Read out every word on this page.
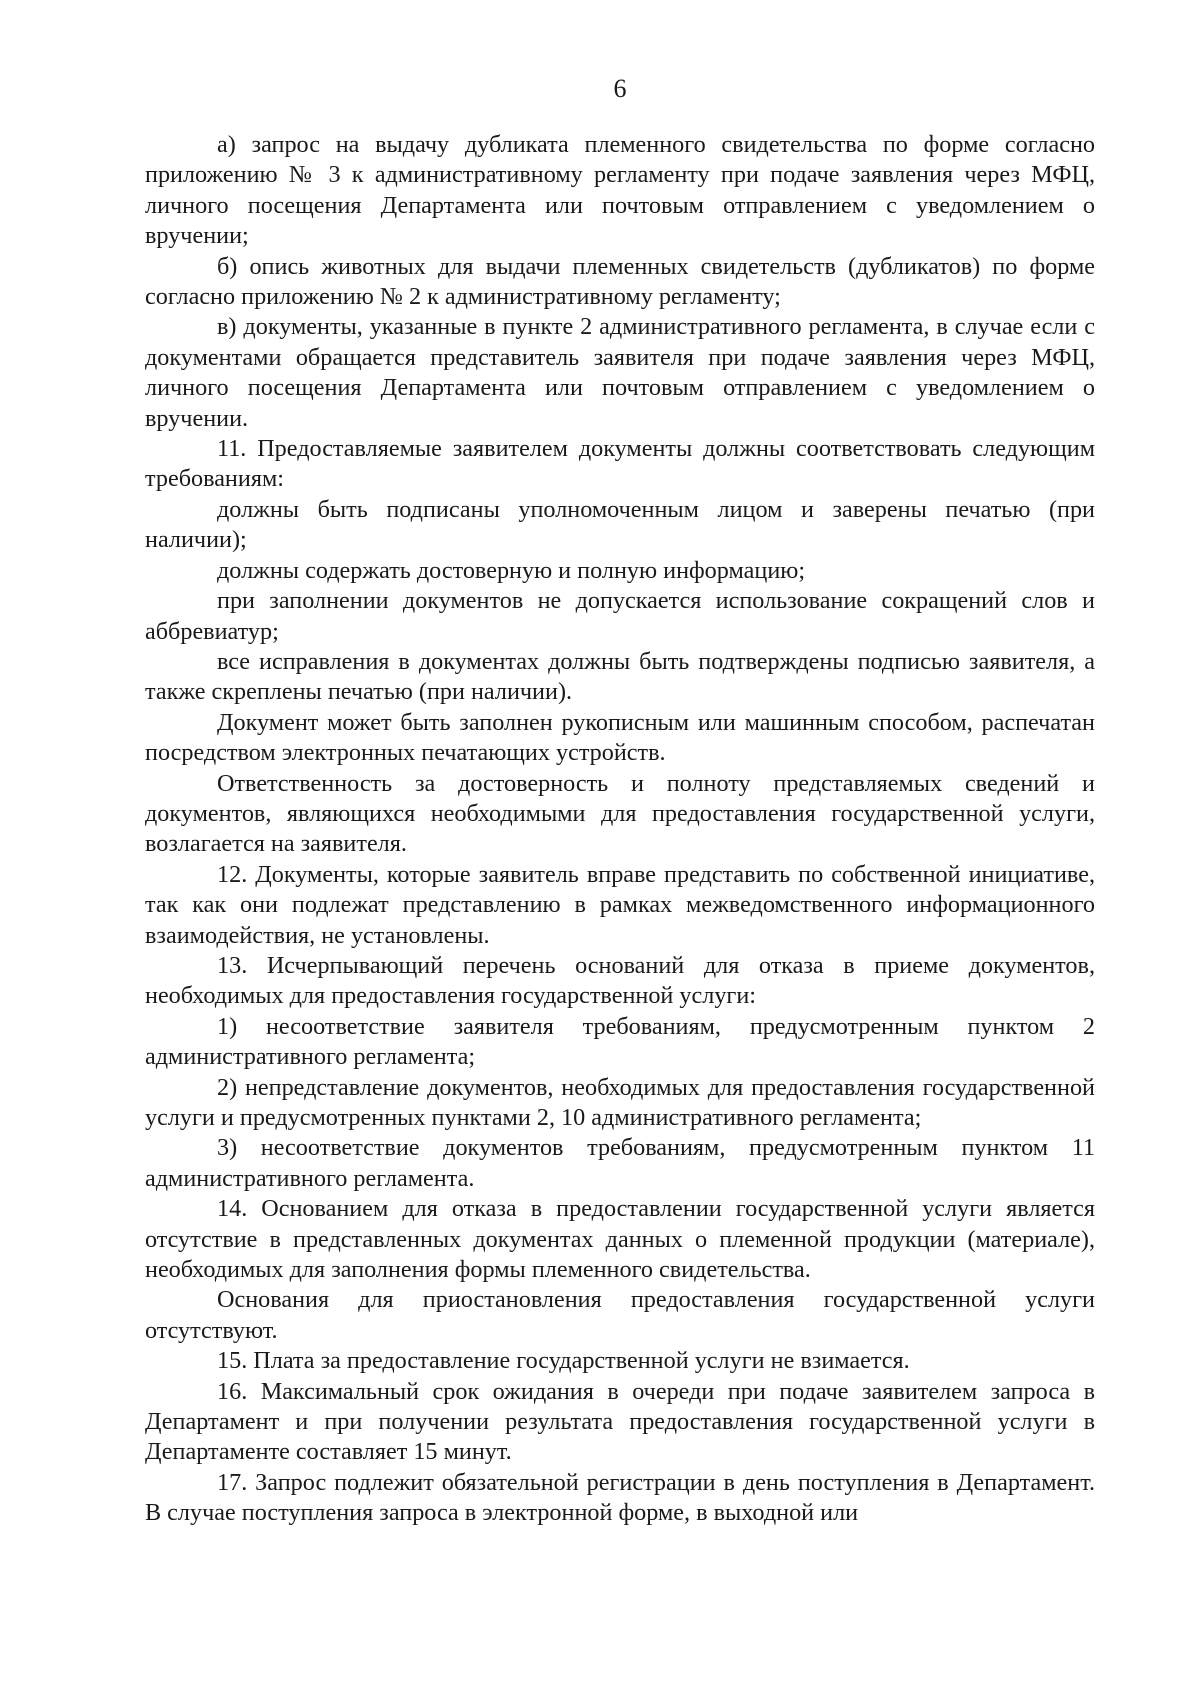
6

а) запрос на выдачу дубликата племенного свидетельства по форме согласно приложению № 3 к административному регламенту при подаче заявления через МФЦ, личного посещения Департамента или почтовым отправлением с уведомлением о вручении;

б) опись животных для выдачи племенных свидетельств (дубликатов) по форме согласно приложению № 2 к административному регламенту;

в) документы, указанные в пункте 2 административного регламента, в случае если с документами обращается представитель заявителя при подаче заявления через МФЦ, личного посещения Департамента или почтовым отправлением с уведомлением о вручении.

11. Предоставляемые заявителем документы должны соответствовать следующим требованиям:

должны быть подписаны уполномоченным лицом и заверены печатью (при наличии);

должны содержать достоверную и полную информацию;

при заполнении документов не допускается использование сокращений слов и аббревиатур;

все исправления в документах должны быть подтверждены подписью заявителя, а также скреплены печатью (при наличии).

Документ может быть заполнен рукописным или машинным способом, распечатан посредством электронных печатающих устройств.

Ответственность за достоверность и полноту представляемых сведений и документов, являющихся необходимыми для предоставления государственной услуги, возлагается на заявителя.

12. Документы, которые заявитель вправе представить по собственной инициативе, так как они подлежат представлению в рамках межведомственного информационного взаимодействия, не установлены.

13. Исчерпывающий перечень оснований для отказа в приеме документов, необходимых для предоставления государственной услуги:

1) несоответствие заявителя требованиям, предусмотренным пунктом 2 административного регламента;

2) непредставление документов, необходимых для предоставления государственной услуги и предусмотренных пунктами 2, 10 административного регламента;

3) несоответствие документов требованиям, предусмотренным пунктом 11 административного регламента.

14. Основанием для отказа в предоставлении государственной услуги является отсутствие в представленных документах данных о племенной продукции (материале), необходимых для заполнения формы племенного свидетельства.

Основания для приостановления предоставления государственной услуги отсутствуют.

15. Плата за предоставление государственной услуги не взимается.

16. Максимальный срок ожидания в очереди при подаче заявителем запроса в Департамент и при получении результата предоставления государственной услуги в Департаменте составляет 15 минут.

17. Запрос подлежит обязательной регистрации в день поступления в Департамент. В случае поступления запроса в электронной форме, в выходной или
